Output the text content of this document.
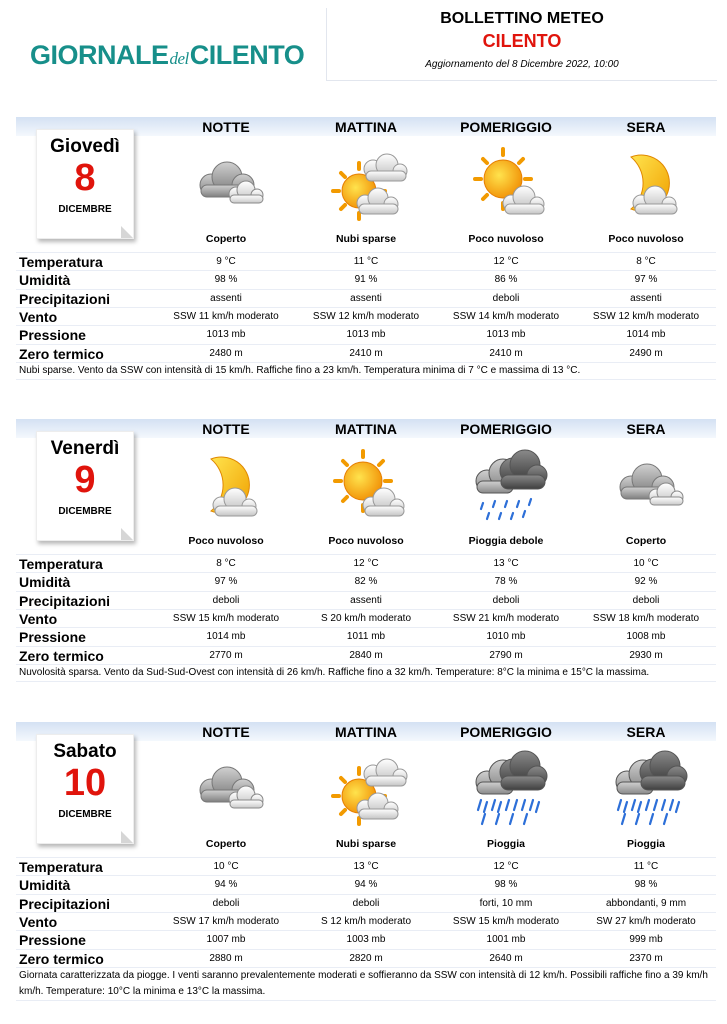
GIORNALEdelCILENTO
BOLLETTINO METEO
CILENTO
Aggiornamento del 8 Dicembre 2022, 10:00
NOTTE	MATTINA	POMERIGGIO	SERA
Giovedì
8
DICEMBRE
Coperto	Nubi sparse	Poco nuvoloso	Poco nuvoloso
Temperatura	9 °C	11 °C	12 °C	8 °C
Umidità	98 %	91 %	86 %	97 %
Precipitazioni	assenti	assenti	deboli	assenti
Vento	SSW 11 km/h moderato	SSW 12 km/h moderato	SSW 14 km/h moderato	SSW 12 km/h moderato
Pressione	1013 mb	1013 mb	1013 mb	1014 mb
Zero termico	2480 m	2410 m	2410 m	2490 m
Nubi sparse. Vento da SSW con intensità di 15 km/h. Raffiche fino a 23 km/h. Temperatura minima di 7 °C e massima di 13 °C.
NOTTE	MATTINA	POMERIGGIO	SERA
Venerdì
9
DICEMBRE
Poco nuvoloso	Poco nuvoloso	Pioggia debole	Coperto
Temperatura	8 °C	12 °C	13 °C	10 °C
Umidità	97 %	82 %	78 %	92 %
Precipitazioni	deboli	assenti	deboli	deboli
Vento	SSW 15 km/h moderato	S 20 km/h moderato	SSW 21 km/h moderato	SSW 18 km/h moderato
Pressione	1014 mb	1011 mb	1010 mb	1008 mb
Zero termico	2770 m	2840 m	2790 m	2930 m
Nuvolosità sparsa. Vento da Sud-Sud-Ovest con intensità di 26 km/h. Raffiche fino a 32 km/h. Temperature: 8°C la minima e 15°C la massima.
NOTTE	MATTINA	POMERIGGIO	SERA
Sabato
10
DICEMBRE
Coperto	Nubi sparse	Pioggia	Pioggia
Temperatura	10 °C	13 °C	12 °C	11 °C
Umidità	94 %	94 %	98 %	98 %
Precipitazioni	deboli	deboli	forti, 10 mm	abbondanti, 9 mm
Vento	SSW 17 km/h moderato	S 12 km/h moderato	SSW 15 km/h moderato	SW 27 km/h moderato
Pressione	1007 mb	1003 mb	1001 mb	999 mb
Zero termico	2880 m	2820 m	2640 m	2370 m
Giornata caratterizzata da piogge. I venti saranno prevalentemente moderati e soffieranno da SSW con intensità di 12 km/h. Possibili raffiche fino a 39 km/h km/h. Temperature: 10°C la minima e 13°C la massima.
